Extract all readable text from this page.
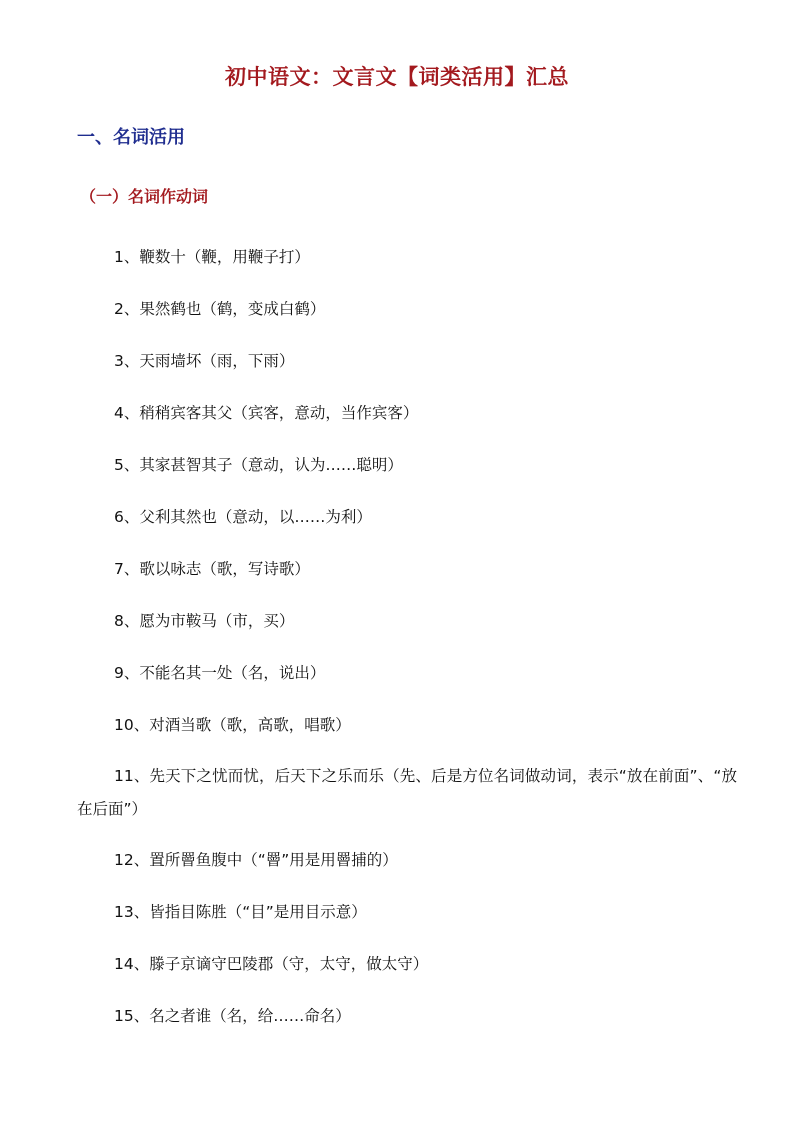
初中语文：文言文【词类活用】汇总
一、名词活用
（一）名词作动词
1、鞭数十（鞭，用鞭子打）
2、果然鹤也（鹤，变成白鹤）
3、天雨墙坏（雨，下雨）
4、稍稍宾客其父（宾客，意动，当作宾客）
5、其家甚智其子（意动，认为……聪明）
6、父利其然也（意动，以……为利）
7、歌以咏志（歌，写诗歌）
8、愿为市鞍马（市，买）
9、不能名其一处（名，说出）
10、对酒当歌（歌，高歌，唱歌）
11、先天下之忧而忧，后天下之乐而乐（先、后是方位名词做动词，表示“放在前面”、“放在后面”）
12、置所罾鱼腹中（“罾”用是用罾捕的）
13、皆指目陈胜（“目”是用目示意）
14、滕子京谪守巴陵郡（守，太守，做太守）
15、名之者谁（名，给……命名）
